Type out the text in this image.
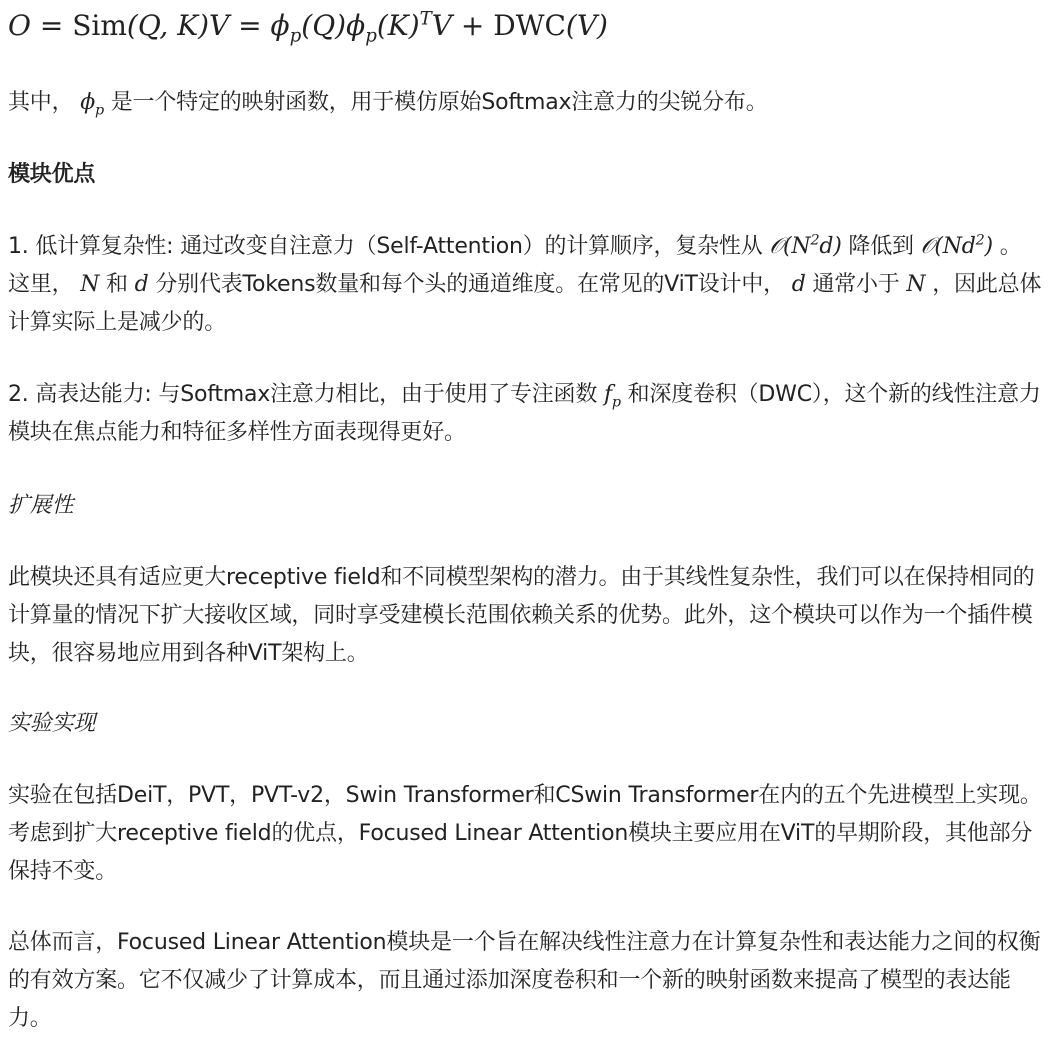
O = Sim(Q, $K)V = \phi_p(Q)\phi_p(K)^TV + DWC(V)$

其中， $\phi_p$ 是一个特定的映射函数，用于模仿原始Softmax注意力的尖锐分布。

模块优点

1. 低计算复杂性: 通过改变自注意力（Self-Attention）的计算顺序，复杂性从 $𝒪(N^2d)$ 降低到 𝒪(Nd$^2$) 。这里， N 和 d 分别代表Tokens数量和每个头的通道维度。在常见的ViT设计中， d 通常小于 N ，因此总体计算实际上是减少的。

2. 高表达能力: 与Softmax注意力相比，由于使用了专注函数 $f_p$ 和深度卷积（DWC），这个新的线性注意力模块在焦点能力和特征多样性方面表现得更好。

扩展性

此模块还具有适应更大receptive field和不同模型架构的潜力。由于其线性复杂性，我们可以在保持相同的计算量的情况下扩大接收区域，同时享受建模长范围依赖关系的优势。此外，这个模块可以作为一个插件模块，很容易地应用到各种ViT架构上。

实验实现

实验在包括DeiT，PVT，PVT-v2，Swin Transformer和CSwin Transformer在内的五个先进模型上实现。考虑到扩大receptive field的优点，Focused Linear Attention模块主要应用在ViT的早期阶段，其他部分保持不变。

总体而言，Focused Linear Attention模块是一个旨在解决线性注意力在计算复杂性和表达能力之间的权衡的有效方案。它不仅减少了计算成本，而且通过添加深度卷积和一个新的映射函数来提高了模型的表达能力。
